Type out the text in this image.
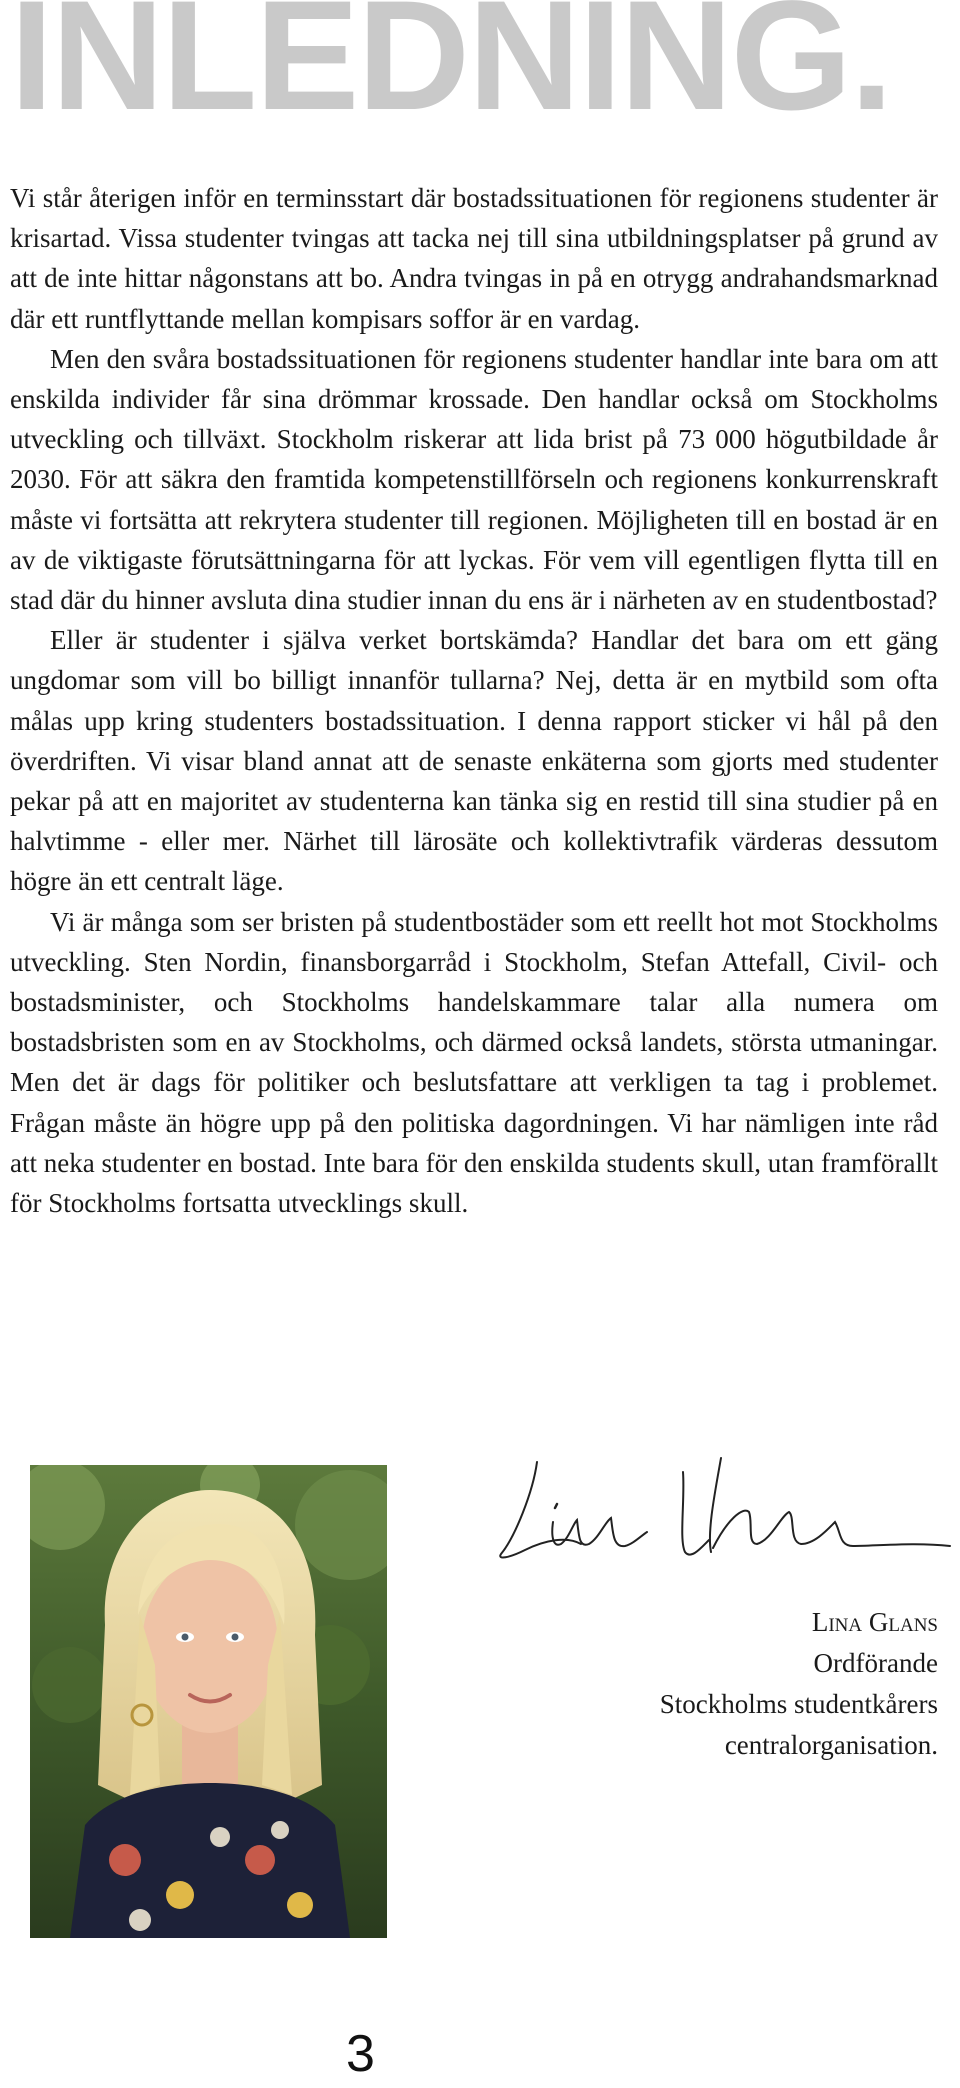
INLEDNING.

Vi står återigen inför en terminsstart där bostadssituationen för regionens studenter är krisartad. Vissa studenter tvingas att tacka nej till sina utbildningsplatser på grund av att de inte hittar någonstans att bo. Andra tvingas in på en otrygg andrahandsmarknad där ett runtflyttande mellan kompisars soffor är en vardag.

Men den svåra bostadssituationen för regionens studenter handlar inte bara om att enskilda individer får sina drömmar krossade. Den handlar också om Stockholms utveckling och tillväxt. Stockholm riskerar att lida brist på 73 000 högutbildade år 2030. För att säkra den framtida kompetenstillförseln och regionens konkurrenskraft måste vi fortsätta att rekrytera studenter till regionen. Möjligheten till en bostad är en av de viktigaste förutsättningarna för att lyckas. För vem vill egentligen flytta till en stad där du hinner avsluta dina studier innan du ens är i närheten av en studentbostad?

Eller är studenter i själva verket bortskämda? Handlar det bara om ett gäng ungdomar som vill bo billigt innanför tullarna? Nej, detta är en mytbild som ofta målas upp kring studenters bostadssituation. I denna rapport sticker vi hål på den överdriften. Vi visar bland annat att de senaste enkäterna som gjorts med studenter pekar på att en majoritet av studenterna kan tänka sig en restid till sina studier på en halvtimme - eller mer. Närhet till lärosäte och kollektivtrafik värderas dessutom högre än ett centralt läge.

Vi är många som ser bristen på studentbostäder som ett reellt hot mot Stockholms utveckling. Sten Nordin, finansborgarråd i Stockholm, Stefan Attefall, Civil- och bostadsminister, och Stockholms handelskammare talar alla numera om bostadsbristen som en av Stockholms, och därmed också landets, största utmaningar. Men det är dags för politiker och beslutsfattare att verkligen ta tag i problemet. Frågan måste än högre upp på den politiska dagordningen. Vi har nämligen inte råd att neka studenter en bostad. Inte bara för den enskilda students skull, utan framförallt för Stockholms fortsatta utvecklings skull.

Lina Glans
Ordförande
Stockholms studentkårers
centralorganisation.
3
